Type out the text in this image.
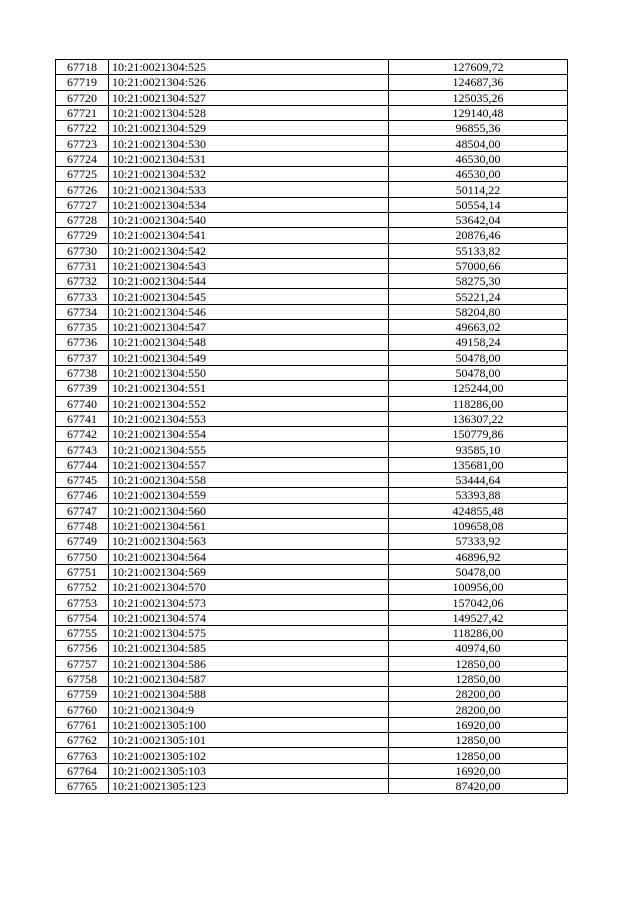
67718	10:21:0021304:525	127609,72
67719	10:21:0021304:526	124687,36
67720	10:21:0021304:527	125035,26
67721	10:21:0021304:528	129140,48
67722	10:21:0021304:529	96855,36
67723	10:21:0021304:530	48504,00
67724	10:21:0021304:531	46530,00
67725	10:21:0021304:532	46530,00
67726	10:21:0021304:533	50114,22
67727	10:21:0021304:534	50554,14
67728	10:21:0021304:540	53642,04
67729	10:21:0021304:541	20876,46
67730	10:21:0021304:542	55133,82
67731	10:21:0021304:543	57000,66
67732	10:21:0021304:544	58275,30
67733	10:21:0021304:545	55221,24
67734	10:21:0021304:546	58204,80
67735	10:21:0021304:547	49663,02
67736	10:21:0021304:548	49158,24
67737	10:21:0021304:549	50478,00
67738	10:21:0021304:550	50478,00
67739	10:21:0021304:551	125244,00
67740	10:21:0021304:552	118286,00
67741	10:21:0021304:553	136307,22
67742	10:21:0021304:554	150779,86
67743	10:21:0021304:555	93585,10
67744	10:21:0021304:557	135681,00
67745	10:21:0021304:558	53444,64
67746	10:21:0021304:559	53393,88
67747	10:21:0021304:560	424855,48
67748	10:21:0021304:561	109658,08
67749	10:21:0021304:563	57333,92
67750	10:21:0021304:564	46896,92
67751	10:21:0021304:569	50478,00
67752	10:21:0021304:570	100956,00
67753	10:21:0021304:573	157042,06
67754	10:21:0021304:574	149527,42
67755	10:21:0021304:575	118286,00
67756	10:21:0021304:585	40974,60
67757	10:21:0021304:586	12850,00
67758	10:21:0021304:587	12850,00
67759	10:21:0021304:588	28200,00
67760	10:21:0021304:9	28200,00
67761	10:21:0021305:100	16920,00
67762	10:21:0021305:101	12850,00
67763	10:21:0021305:102	12850,00
67764	10:21:0021305:103	16920,00
67765	10:21:0021305:123	87420,00
